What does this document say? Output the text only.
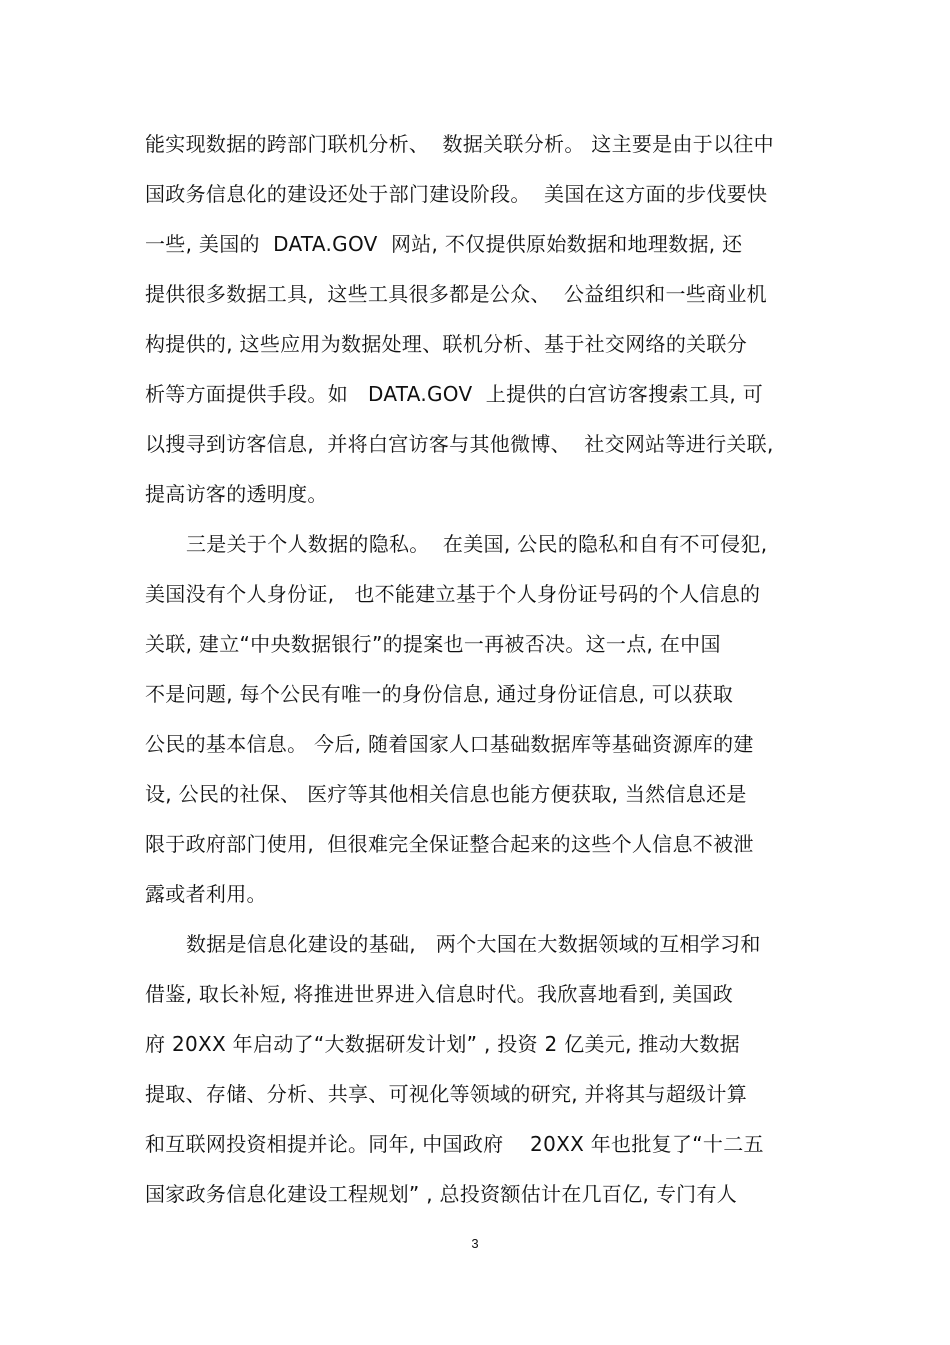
能实现数据的跨部门联机分析、  数据关联分析。 这主要是由于以往中
国政务信息化的建设还处于部门建设阶段。  美国在这方面的步伐要快
一些, 美国的  DATA.GOV  网站, 不仅提供原始数据和地理数据, 还
提供很多数据工具,  这些工具很多都是公众、  公益组织和一些商业机
构提供的, 这些应用为数据处理、联机分析、基于社交网络的关联分
析等方面提供手段。如   DATA.GOV  上提供的白宫访客搜索工具, 可
以搜寻到访客信息,  并将白宫访客与其他微博、  社交网站等进行关联,
提高访客的透明度。
三是关于个人数据的隐私。  在美国, 公民的隐私和自有不可侵犯,
美国没有个人身份证,   也不能建立基于个人身份证号码的个人信息的
关联, 建立“中央数据银行”的提案也一再被否决。这一点, 在中国
不是问题, 每个公民有唯一的身份信息, 通过身份证信息, 可以获取
公民的基本信息。 今后, 随着国家人口基础数据库等基础资源库的建
设, 公民的社保、 医疗等其他相关信息也能方便获取, 当然信息还是
限于政府部门使用,  但很难完全保证整合起来的这些个人信息不被泄
露或者利用。
数据是信息化建设的基础,   两个大国在大数据领域的互相学习和
借鉴, 取长补短, 将推进世界进入信息时代。我欣喜地看到, 美国政
府 20XX 年启动了“大数据研发计划” , 投资 2 亿美元, 推动大数据
提取、存储、分析、共享、可视化等领域的研究, 并将其与超级计算
和互联网投资相提并论。同年, 中国政府    20XX 年也批复了“十二五
国家政务信息化建设工程规划” , 总投资额估计在几百亿, 专门有人
3
